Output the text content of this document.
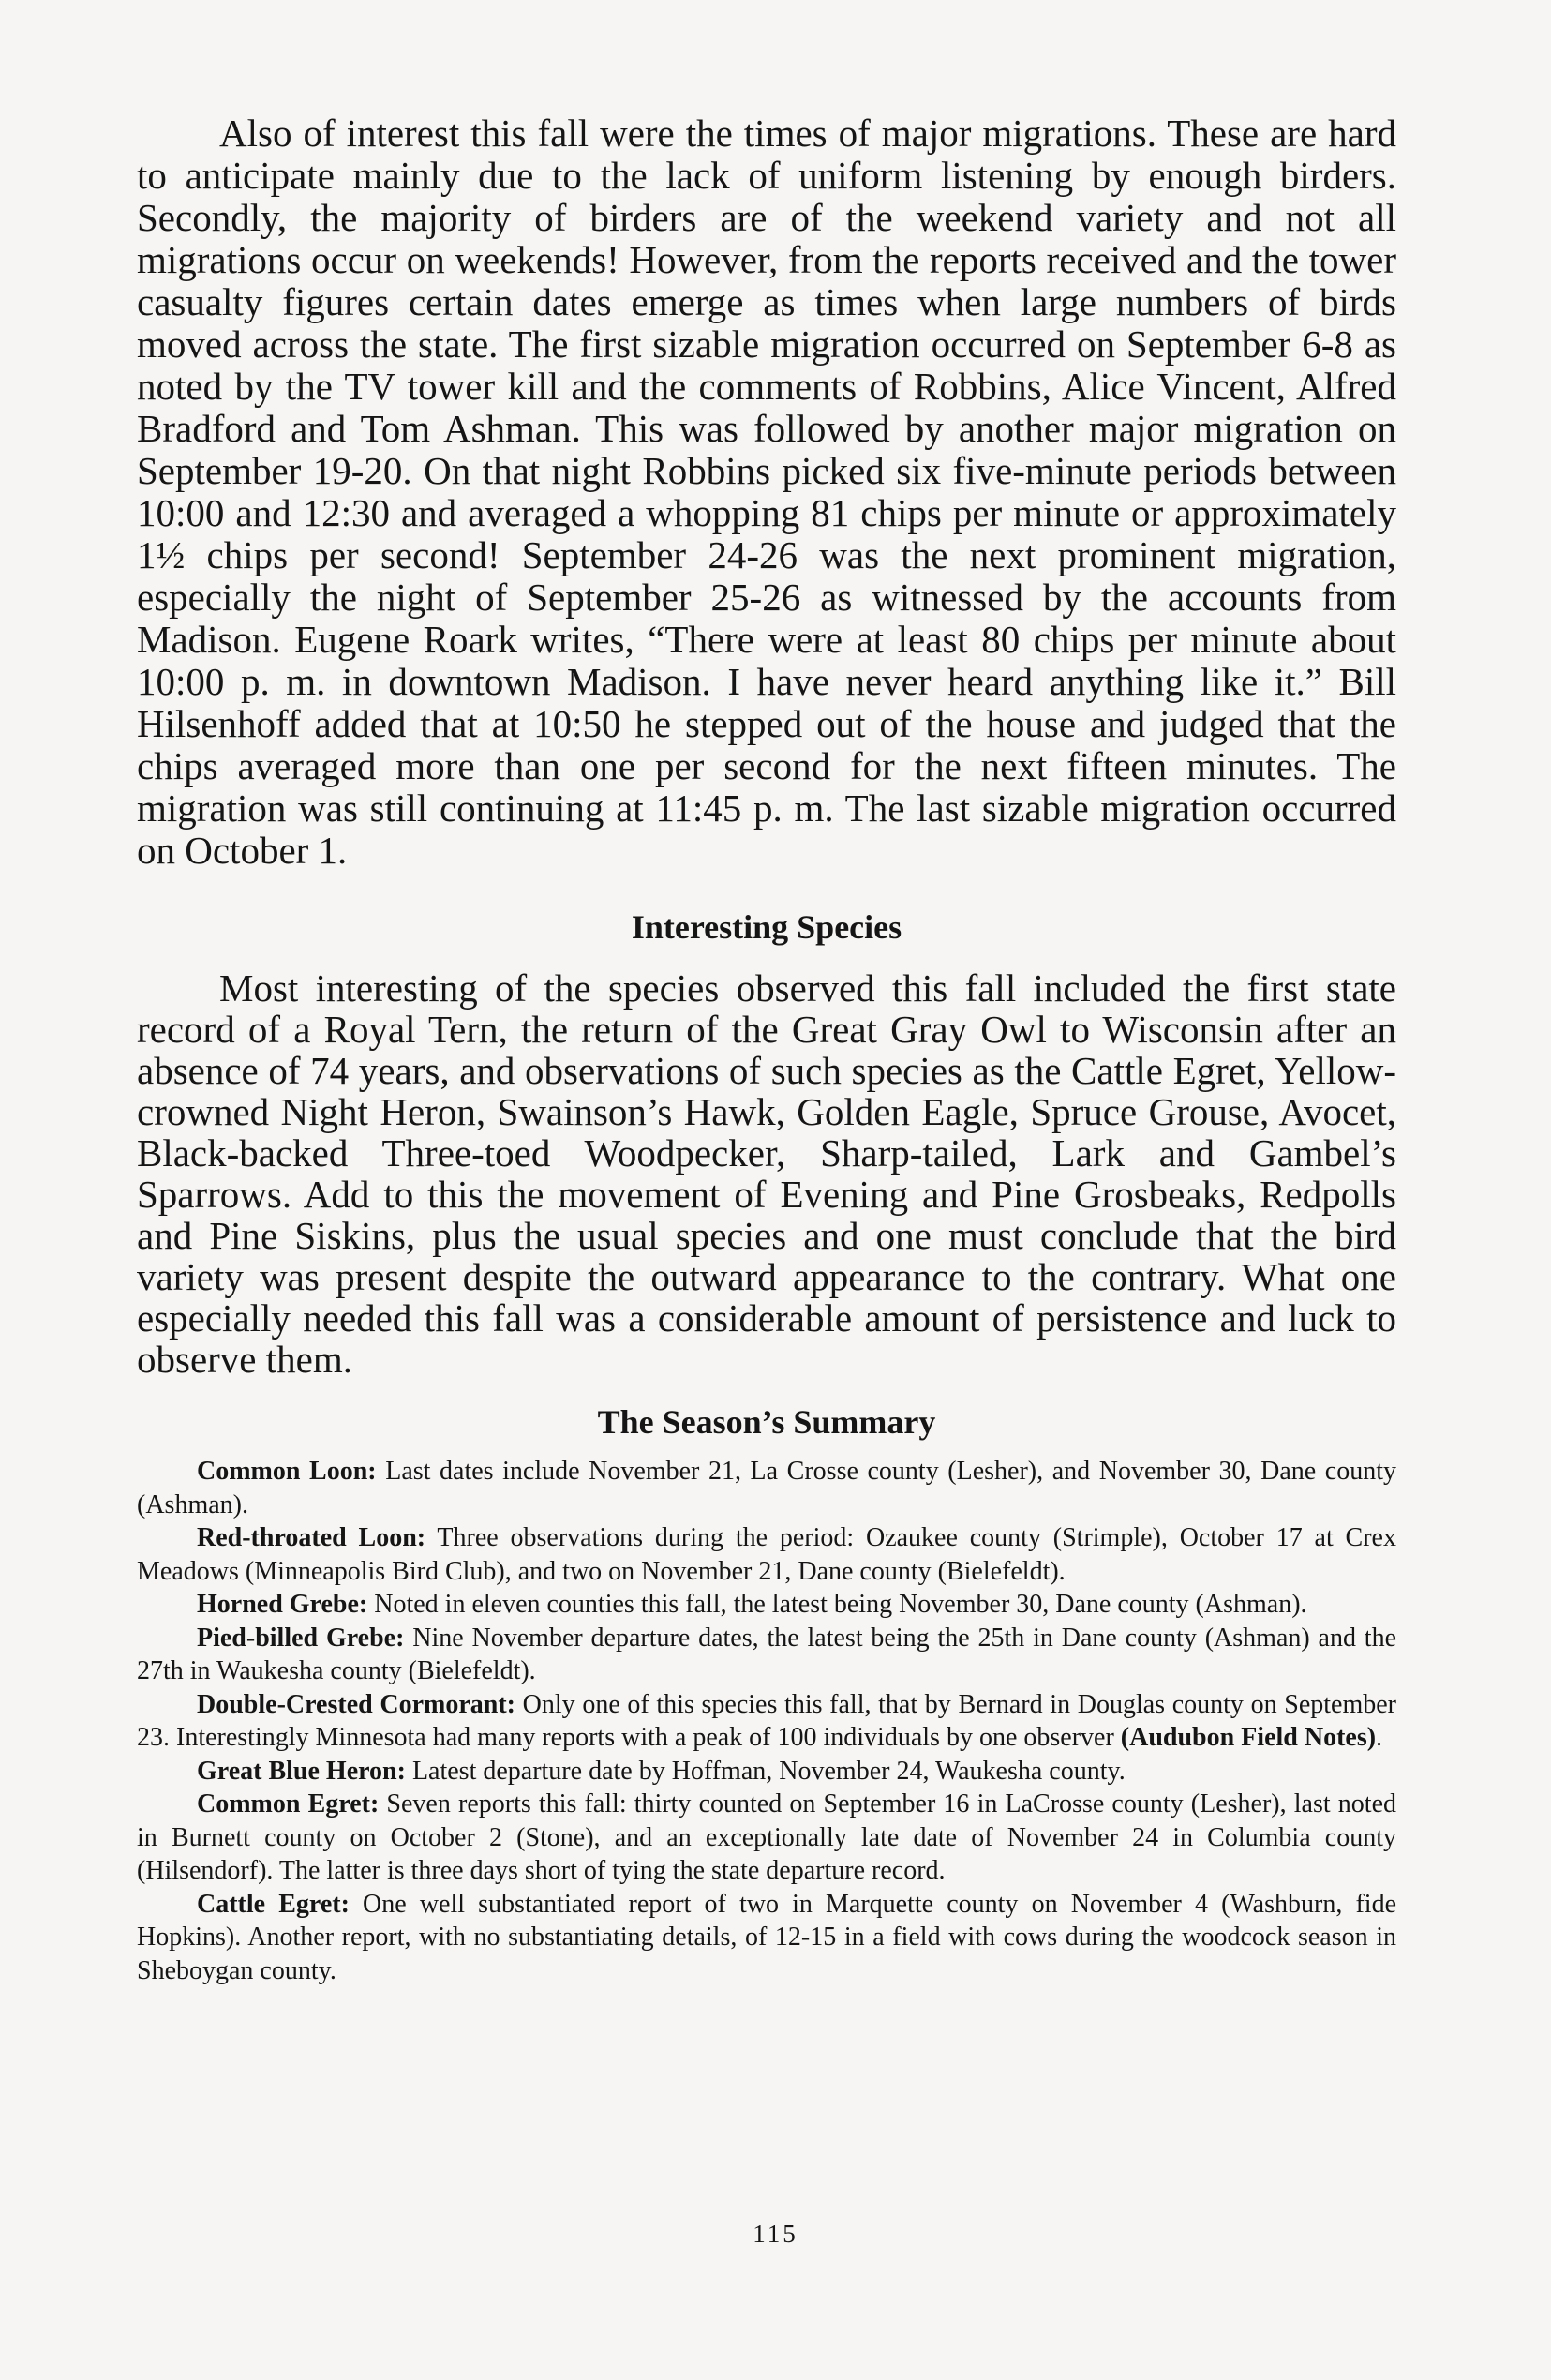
Also of interest this fall were the times of major migrations. These are hard to anticipate mainly due to the lack of uniform listening by enough birders. Secondly, the majority of birders are of the weekend variety and not all migrations occur on weekends! However, from the reports received and the tower casualty figures certain dates emerge as times when large numbers of birds moved across the state. The first sizable migration occurred on September 6-8 as noted by the TV tower kill and the comments of Robbins, Alice Vincent, Alfred Bradford and Tom Ashman. This was followed by another major migration on September 19-20. On that night Robbins picked six five-minute periods between 10:00 and 12:30 and averaged a whopping 81 chips per minute or approximately 1½ chips per second! September 24-26 was the next prominent migration, especially the night of September 25-26 as witnessed by the accounts from Madison. Eugene Roark writes, “There were at least 80 chips per minute about 10:00 p. m. in downtown Madison. I have never heard anything like it.” Bill Hilsenhoff added that at 10:50 he stepped out of the house and judged that the chips averaged more than one per second for the next fifteen minutes. The migration was still continuing at 11:45 p. m. The last sizable migration occurred on October 1.

Interesting Species

Most interesting of the species observed this fall included the first state record of a Royal Tern, the return of the Great Gray Owl to Wisconsin after an absence of 74 years, and observations of such species as the Cattle Egret, Yellow-crowned Night Heron, Swainson’s Hawk, Golden Eagle, Spruce Grouse, Avocet, Black-backed Three-toed Woodpecker, Sharp-tailed, Lark and Gambel’s Sparrows. Add to this the movement of Evening and Pine Grosbeaks, Redpolls and Pine Siskins, plus the usual species and one must conclude that the bird variety was present despite the outward appearance to the contrary. What one especially needed this fall was a considerable amount of persistence and luck to observe them.

The Season’s Summary

Common Loon: Last dates include November 21, La Crosse county (Lesher), and November 30, Dane county (Ashman).

Red-throated Loon: Three observations during the period: Ozaukee county (Strimple), October 17 at Crex Meadows (Minneapolis Bird Club), and two on November 21, Dane county (Bielefeldt).

Horned Grebe: Noted in eleven counties this fall, the latest being November 30, Dane county (Ashman).

Pied-billed Grebe: Nine November departure dates, the latest being the 25th in Dane county (Ashman) and the 27th in Waukesha county (Bielefeldt).

Double-Crested Cormorant: Only one of this species this fall, that by Bernard in Douglas county on September 23. Interestingly Minnesota had many reports with a peak of 100 individuals by one observer (Audubon Field Notes).

Great Blue Heron: Latest departure date by Hoffman, November 24, Waukesha county.

Common Egret: Seven reports this fall: thirty counted on September 16 in LaCrosse county (Lesher), last noted in Burnett county on October 2 (Stone), and an exceptionally late date of November 24 in Columbia county (Hilsendorf). The latter is three days short of tying the state departure record.

Cattle Egret: One well substantiated report of two in Marquette county on November 4 (Washburn, fide Hopkins). Another report, with no substantiating details, of 12-15 in a field with cows during the woodcock season in Sheboygan county.

115
